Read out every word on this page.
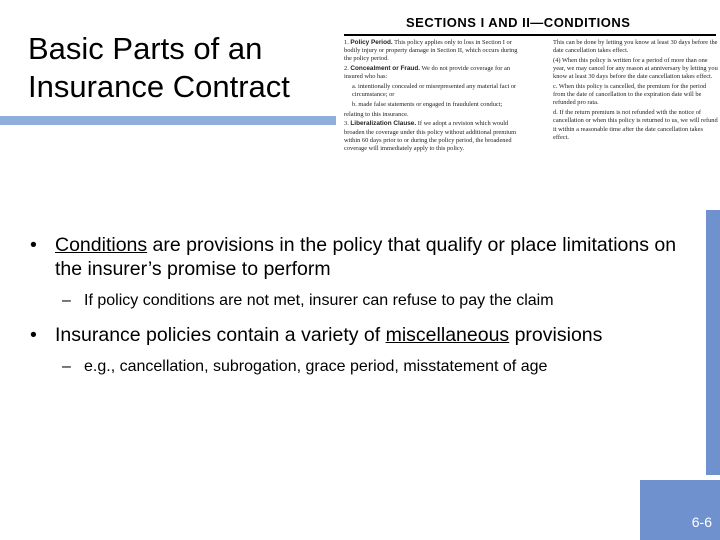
Basic Parts of an
Insurance Contract
SECTIONS I AND II—CONDITIONS

1. Policy Period. This policy applies only to loss in Section I or bodily injury or property damage in Section II, which occurs during the policy period.

2. Concealment or Fraud. We do not provide coverage for an insured who has:

a. intentionally concealed or misrepresented any material fact or circumstance; or

b. made false statements or engaged in fraudulent conduct;

relating to this insurance.

3. Liberalization Clause. If we adopt a revision which would broaden the coverage under this policy without additional premium within 60 days prior to or during the policy period, the broadened coverage will immediately apply to this policy.

This can be done by letting you know at least 30 days before the date cancellation takes effect.

(4) When this policy is written for a period of more than one year, we may cancel for any reason at anniversary by letting you know at least 30 days before the date cancellation takes effect.

c. When this policy is cancelled, the premium for the period from the date of cancellation to the expiration date will be refunded pro rata.

d. If the return premium is not refunded with the notice of cancellation or when this policy is returned to us, we will refund it within a reasonable time after the date cancellation takes effect.

• Conditions are provisions in the policy that qualify or place limitations on the insurer’s promise to perform
– If policy conditions are not met, insurer can refuse to pay the claim
• Insurance policies contain a variety of miscellaneous provisions
– e.g., cancellation, subrogation, grace period, misstatement of age
6-6
